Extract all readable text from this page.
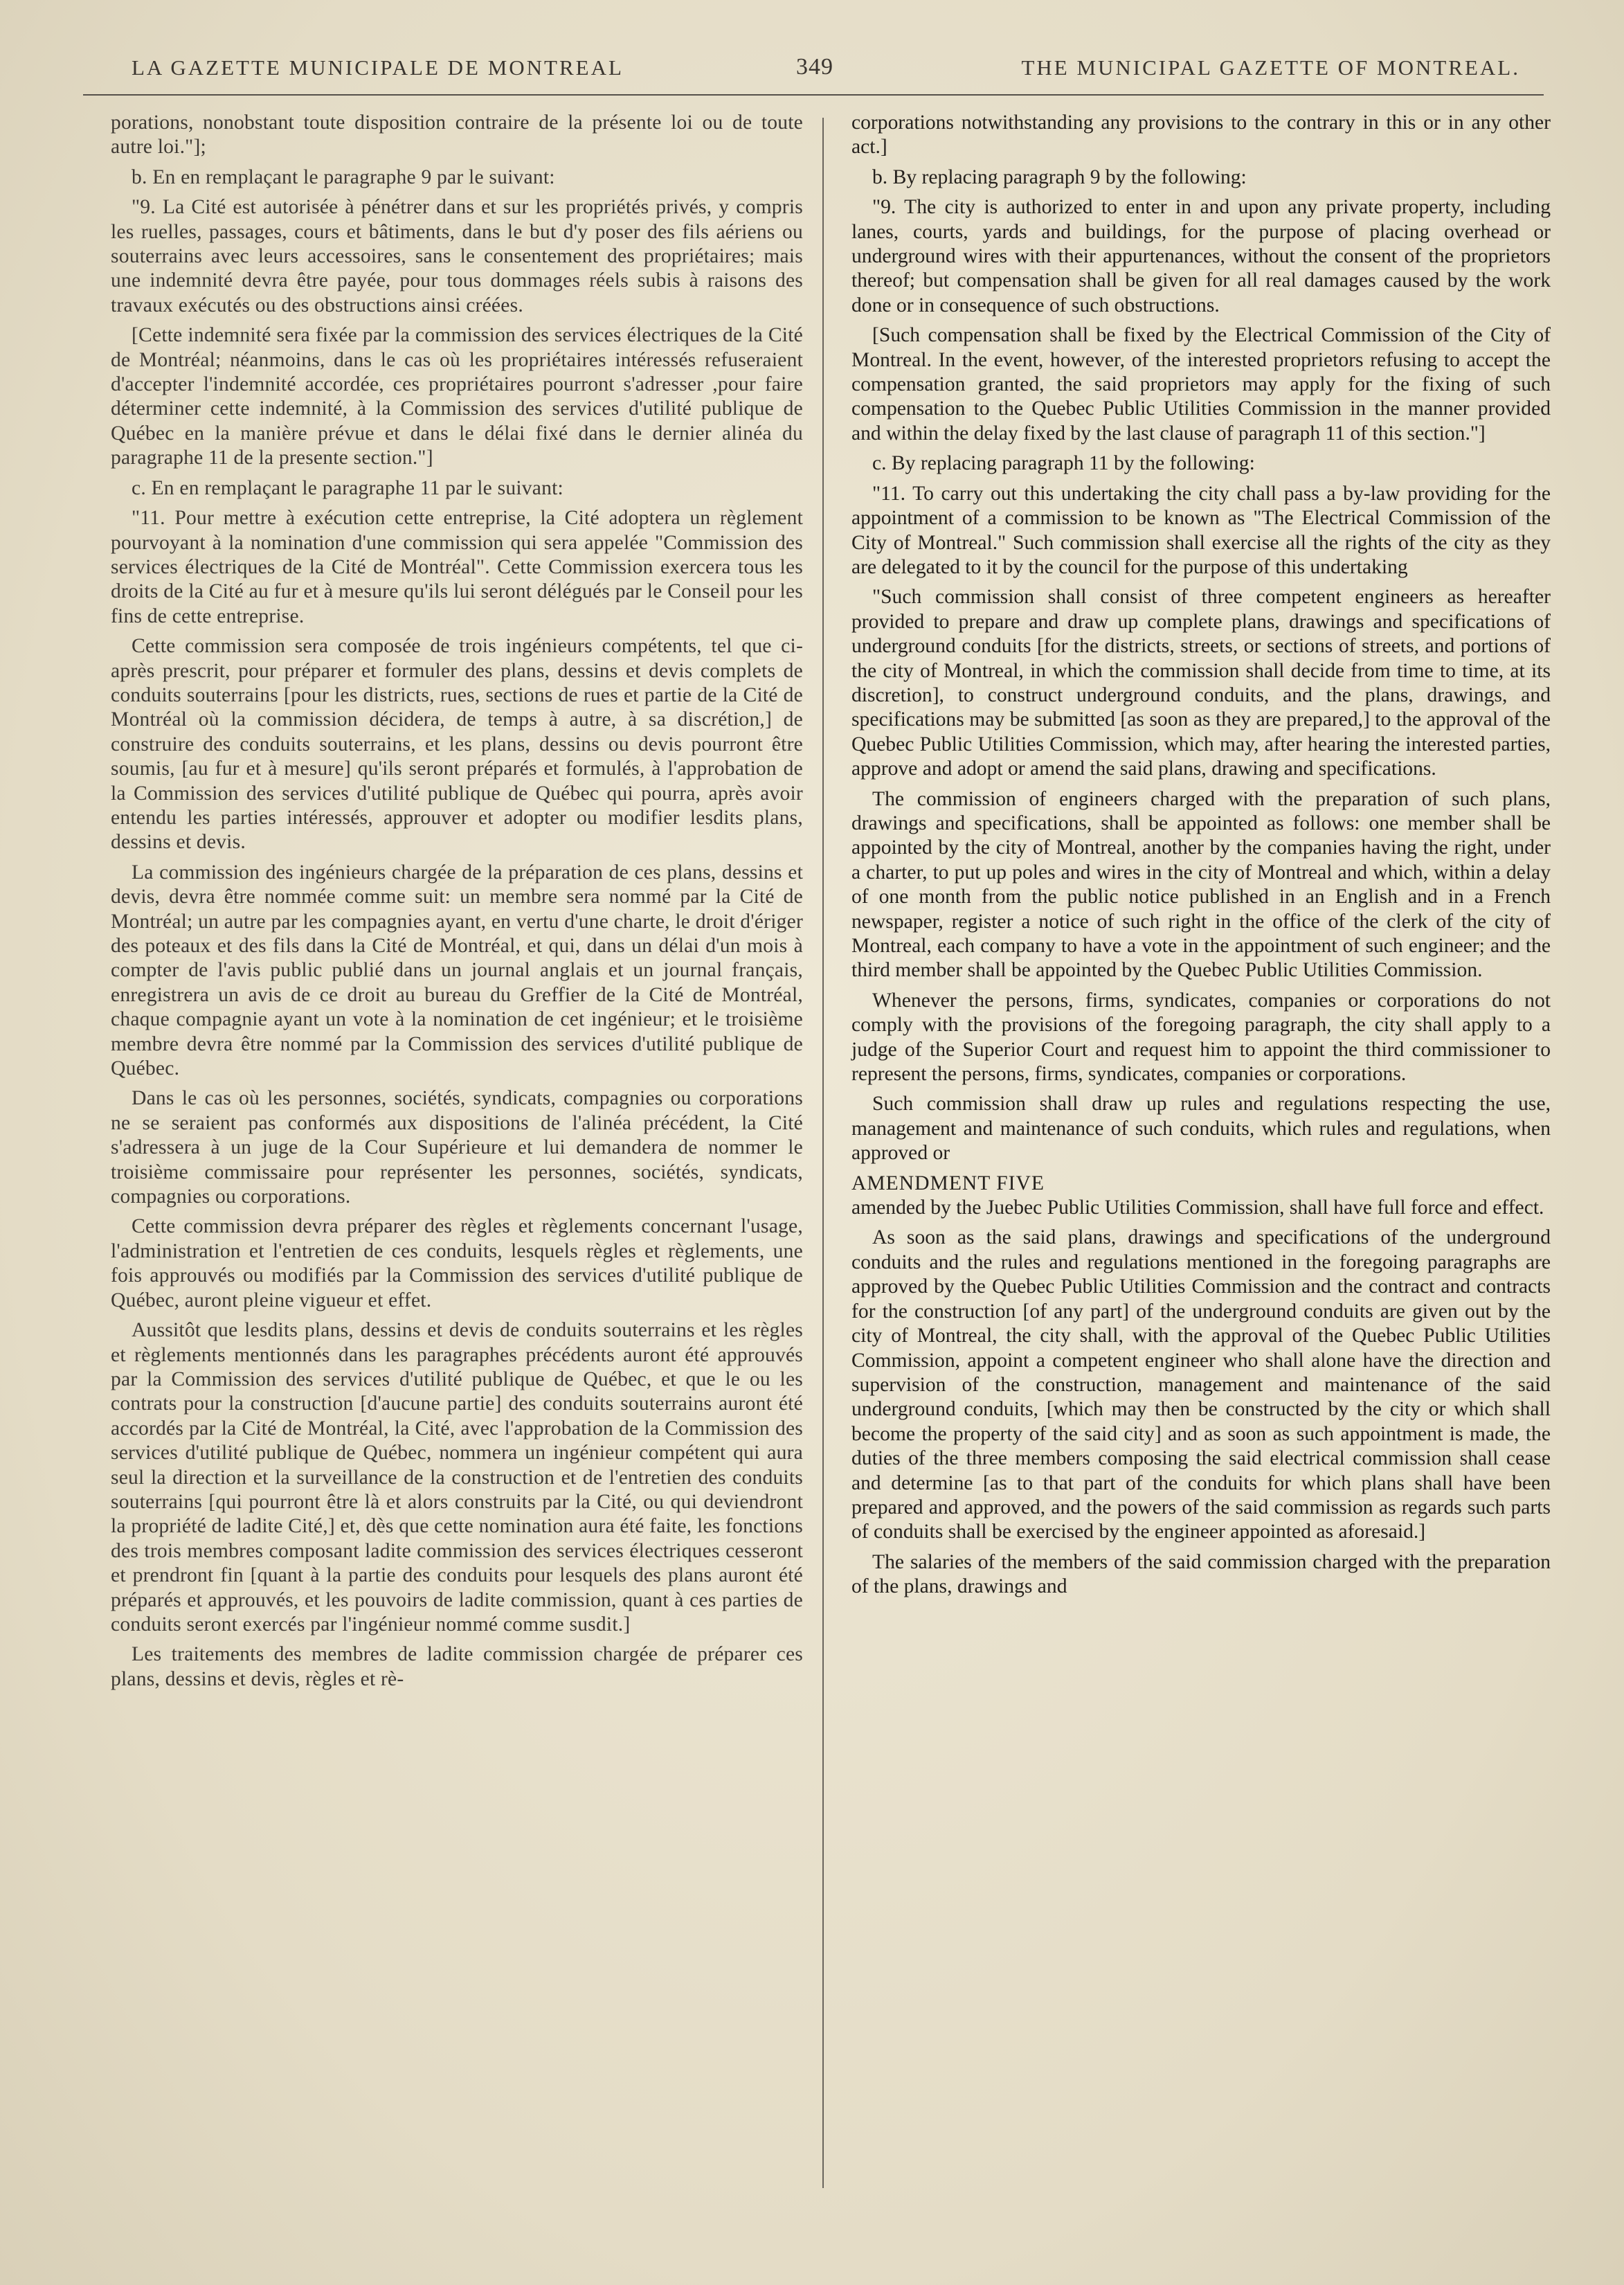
LA GAZETTE MUNICIPALE DE MONTREAL	349	THE MUNICIPAL GAZETTE OF MONTREAL.

porations, nonobstant toute disposition contraire de la présente loi ou de toute autre loi."];

b. En en remplaçant le paragraphe 9 par le suivant:

"9. La Cité est autorisée à pénétrer dans et sur les propriétés privés, y compris les ruelles, passages, cours et bâtiments, dans le but d'y poser des fils aériens ou souterrains avec leurs accessoires, sans le consentement des propriétaires; mais une indemnité devra être payée, pour tous dommages réels subis à raisons des travaux exécutés ou des obstructions ainsi créées.

[Cette indemnité sera fixée par la commission des services électriques de la Cité de Montréal; néanmoins, dans le cas où les propriétaires intéressés refuseraient d'accepter l'indemnité accordée, ces propriétaires pourront s'adresser ,pour faire déterminer cette indemnité, à la Commission des services d'utilité publique de Québec en la manière prévue et dans le délai fixé dans le dernier alinéa du paragraphe 11 de la presente section."]

c. En en remplaçant le paragraphe 11 par le suivant:

"11. Pour mettre à exécution cette entreprise, la Cité adoptera un règlement pourvoyant à la nomination d'une commission qui sera appelée "Commission des services électriques de la Cité de Montréal". Cette Commission exercera tous les droits de la Cité au fur et à mesure qu'ils lui seront délégués par le Conseil pour les fins de cette entreprise.

Cette commission sera composée de trois ingénieurs compétents, tel que ci-après prescrit, pour préparer et formuler des plans, dessins et devis complets de conduits souterrains [pour les districts, rues, sections de rues et partie de la Cité de Montréal où la commission décidera, de temps à autre, à sa discrétion,] de construire des conduits souterrains, et les plans, dessins ou devis pourront être soumis, [au fur et à mesure] qu'ils seront préparés et formulés, à l'approbation de la Commission des services d'utilité publique de Québec qui pourra, après avoir entendu les parties intéressés, approuver et adopter ou modifier lesdits plans, dessins et devis.

La commission des ingénieurs chargée de la préparation de ces plans, dessins et devis, devra être nommée comme suit: un membre sera nommé par la Cité de Montréal; un autre par les compagnies ayant, en vertu d'une charte, le droit d'ériger des poteaux et des fils dans la Cité de Montréal, et qui, dans un délai d'un mois à compter de l'avis public publié dans un journal anglais et un journal français, enregistrera un avis de ce droit au bureau du Greffier de la Cité de Montréal, chaque compagnie ayant un vote à la nomination de cet ingénieur; et le troisième membre devra être nommé par la Commission des services d'utilité publique de Québec.

Dans le cas où les personnes, sociétés, syndicats, compagnies ou corporations ne se seraient pas conformés aux dispositions de l'alinéa précédent, la Cité s'adressera à un juge de la Cour Supérieure et lui demandera de nommer le troisième commissaire pour représenter les personnes, sociétés, syndicats, compagnies ou corporations.

Cette commission devra préparer des règles et règlements concernant l'usage, l'administration et l'entretien de ces conduits, lesquels règles et règlements, une fois approuvés ou modifiés par la Commission des services d'utilité publique de Québec, auront pleine vigueur et effet.

Aussitôt que lesdits plans, dessins et devis de conduits souterrains et les règles et règlements mentionnés dans les paragraphes précédents auront été approuvés par la Commission des services d'utilité publique de Québec, et que le ou les contrats pour la construction [d'aucune partie] des conduits souterrains auront été accordés par la Cité de Montréal, la Cité, avec l'approbation de la Commission des services d'utilité publique de Québec, nommera un ingénieur compétent qui aura seul la direction et la surveillance de la construction et de l'entretien des conduits souterrains [qui pourront être là et alors construits par la Cité, ou qui deviendront la propriété de ladite Cité,] et, dès que cette nomination aura été faite, les fonctions des trois membres composant ladite commission des services électriques cesseront et prendront fin [quant à la partie des conduits pour lesquels des plans auront été préparés et approuvés, et les pouvoirs de ladite commission, quant à ces parties de conduits seront exercés par l'ingénieur nommé comme susdit.]

Les traitements des membres de ladite commission chargée de préparer ces plans, dessins et devis, règles et rè-

corporations notwithstanding any provisions to the contrary in this or in any other act.]

b. By replacing paragraph 9 by the following:

"9. The city is authorized to enter in and upon any private property, including lanes, courts, yards and buildings, for the purpose of placing overhead or underground wires with their appurtenances, without the consent of the proprietors thereof; but compensation shall be given for all real damages caused by the work done or in consequence of such obstructions.

[Such compensation shall be fixed by the Electrical Commission of the City of Montreal. In the event, however, of the interested proprietors refusing to accept the compensation granted, the said proprietors may apply for the fixing of such compensation to the Quebec Public Utilities Commission in the manner provided and within the delay fixed by the last clause of paragraph 11 of this section."]

c. By replacing paragraph 11 by the following:

"11. To carry out this undertaking the city chall pass a by-law providing for the appointment of a commission to be known as "The Electrical Commission of the City of Montreal." Such commission shall exercise all the rights of the city as they are delegated to it by the council for the purpose of this undertaking

"Such commission shall consist of three competent engineers as hereafter provided to prepare and draw up complete plans, drawings and specifications of underground conduits [for the districts, streets, or sections of streets, and portions of the city of Montreal, in which the commission shall decide from time to time, at its discretion], to construct underground conduits, and the plans, drawings, and specifications may be submitted [as soon as they are prepared,] to the approval of the Quebec Public Utilities Commission, which may, after hearing the interested parties, approve and adopt or amend the said plans, drawing and specifications.

The commission of engineers charged with the preparation of such plans, drawings and specifications, shall be appointed as follows: one member shall be appointed by the city of Montreal, another by the companies having the right, under a charter, to put up poles and wires in the city of Montreal and which, within a delay of one month from the public notice published in an English and in a French newspaper, register a notice of such right in the office of the clerk of the city of Montreal, each company to have a vote in the appointment of such engineer; and the third member shall be appointed by the Quebec Public Utilities Commission.

Whenever the persons, firms, syndicates, companies or corporations do not comply with the provisions of the foregoing paragraph, the city shall apply to a judge of the Superior Court and request him to appoint the third commissioner to represent the persons, firms, syndicates, companies or corporations.

Such commission shall draw up rules and regulations respecting the use, management and maintenance of such conduits, which rules and regulations, when approved or

AMENDMENT FIVE

amended by the Juebec Public Utilities Commission, shall have full force and effect.

As soon as the said plans, drawings and specifications of the underground conduits and the rules and regulations mentioned in the foregoing paragraphs are approved by the Quebec Public Utilities Commission and the contract and contracts for the construction [of any part] of the underground conduits are given out by the city of Montreal, the city shall, with the approval of the Quebec Public Utilities Commission, appoint a competent engineer who shall alone have the direction and supervision of the construction, management and maintenance of the said underground conduits, [which may then be constructed by the city or which shall become the property of the said city] and as soon as such appointment is made, the duties of the three members composing the said electrical commission shall cease and determine [as to that part of the conduits for which plans shall have been prepared and approved, and the powers of the said commission as regards such parts of conduits shall be exercised by the engineer appointed as aforesaid.]

The salaries of the members of the said commission charged with the preparation of the plans, drawings and
